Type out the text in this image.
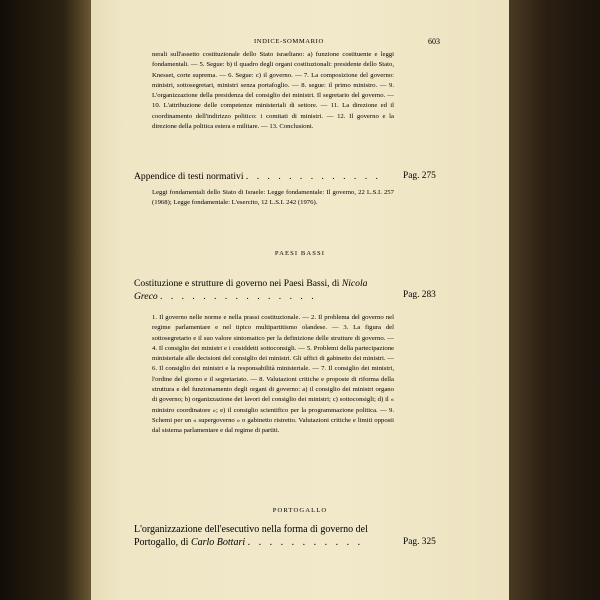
INDICE-SOMMARIO	603
nerali sull'assetto costituzionale dello Stato israeliano: a) funzione costituente e leggi fondamentali. — 5. Segue: b) il quadro degli organi costituzionali: presidente dello Stato, Knesset, corte suprema. — 6. Segue: c) il governo. — 7. La composizione del governo: ministri, sottosegretari, ministri senza portafoglio. — 8. segue: il primo ministro. — 9. L'organizzazione della presidenza del consiglio dei ministri. Il segretario del governo. — 10. L'attribuzione delle competenze ministeriali di settore. — 11. La direzione ed il coordinamento dell'indirizzo politico: i comitati di ministri. — 12. Il governo e la direzione della politica estera e militare. — 13. Conclusioni.
Appendice di testi normativi . . . . . . . . . . . . .	Pag. 275
Leggi fondamentali dello Stato di Israele: Legge fondamentale: Il governo, 22 L.S.I. 257 (1968); Legge fondamentale: L'esercito, 12 L.S.I. 242 (1976).
PAESI BASSI
Costituzione e strutture di governo nei Paesi Bassi, di Nicola
Greco . . . . . . . . . . . . . . .	Pag. 283
1. Il governo nelle norme e nella prassi costituzionale. — 2. Il problema del governo nel regime parlamentare e nel tipico multipartitismo olandese. — 3. La figura del sottosegretario e il suo valore sintomatico per la definizione delle strutture di governo. — 4. Il consiglio dei ministri e i cosiddetti sottoconsigli. — 5. Problemi della partecipazione ministeriale alle decisioni del consiglio dei ministri. Gli uffici di gabinetto dei ministri. — 6. Il consiglio dei ministri e la responsabilità ministeriale. — 7. Il consiglio dei ministri, l'ordine del giorno e il segretariato. — 8. Valutazioni critiche e proposte di riforma della struttura e del funzionamento degli organi di governo: a) il consiglio dei ministri organo di governo; b) organizzazione dei lavori del consiglio dei ministri; c) sottoconsigli; d) il « ministro coordinatore »; e) il consiglio scientifico per la programmazione politica. — 9. Schemi per un « supergoverno » o gabinetto ristretto. Valutazioni critiche e limiti opposti dal sistema parlamentare e dal regime di partiti.
PORTOGALLO
L'organizzazione dell'esecutivo nella forma di governo del
Portogallo, di Carlo Bottari . . . . . . . . . . .	Pag. 325
